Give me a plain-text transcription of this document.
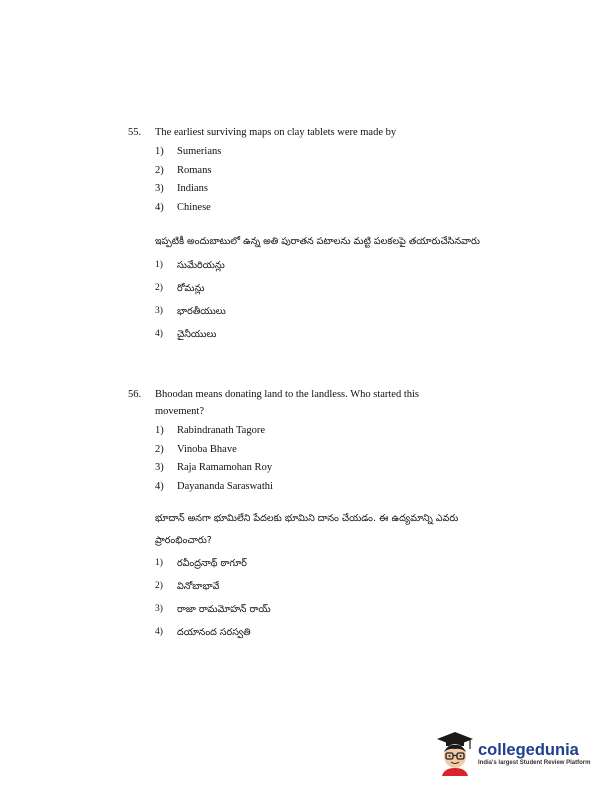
55.	The earliest surviving maps on clay tablets were made by
1)	Sumerians
2)	Romans
3)	Indians
4)	Chinese
ఇప్పటికీ అందుబాటులో ఉన్న అతి పురాతన పటాలను మట్టి పలకలపై తయారుచేసినవారు
1)	సుమేరియన్లు
2)	రోమన్లు
3)	భారతీయులు
4)	చైనీయులు
56.	Bhoodan means donating land to the landless. Who started this
movement?
1)	Rabindranath Tagore
2)	Vinoba Bhave
3)	Raja Ramamohan Roy
4)	Dayananda Saraswathi
భూదాన్ అనగా భూమిలేని పేదలకు భూమిని దానం చేయడం. ఈ ఉద్యమాన్ని ఎవరు
ప్రారంభించారు?
1)	రవీంద్రనాథ్ ఠాగూర్
2)	వినోబాభావే
3)	రాజా రామమోహన్ రాయ్
4)	దయానంద సరస్వతి
collegedunia
India's largest Student Review Platform
